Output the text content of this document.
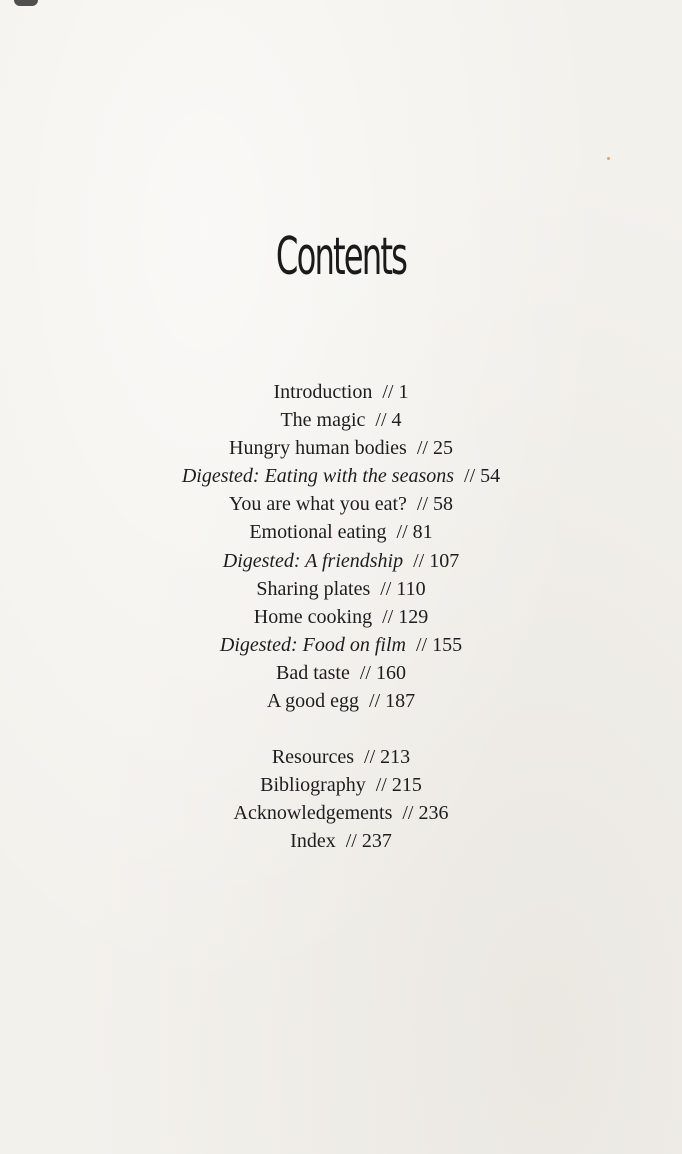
Contents
Introduction // 1
The magic // 4
Hungry human bodies // 25
Digested: Eating with the seasons // 54
You are what you eat? // 58
Emotional eating // 81
Digested: A friendship // 107
Sharing plates // 110
Home cooking // 129
Digested: Food on film // 155
Bad taste // 160
A good egg // 187
Resources // 213
Bibliography // 215
Acknowledgements // 236
Index // 237
